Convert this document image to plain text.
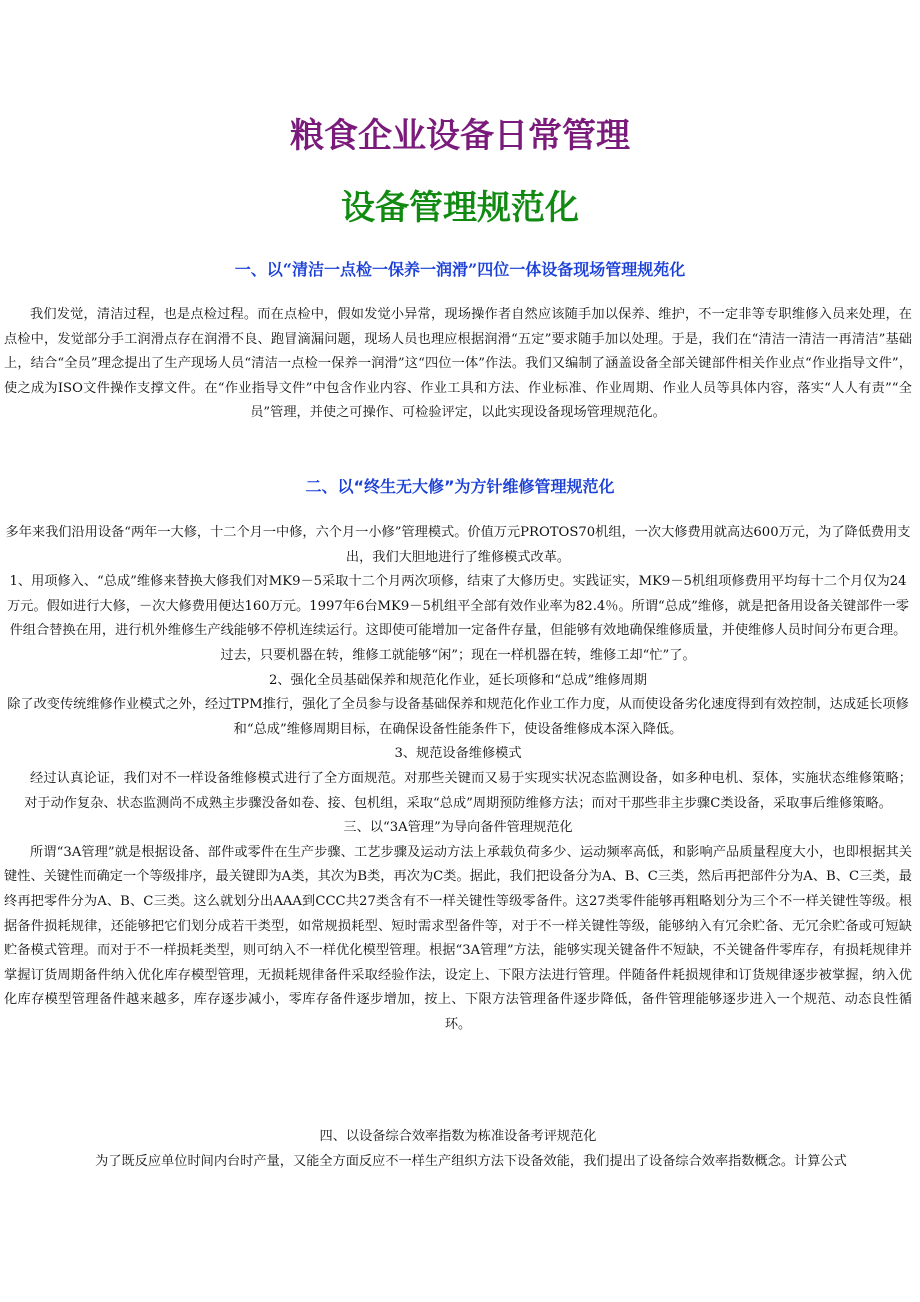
粮食企业设备日常管理
设备管理规范化
一、以“清洁一点检一保养一润滑”四位一体设备现场管理规苑化

我们发觉，清洁过程，也是点检过程。而在点检中，假如发觉小异常，现场操作者自然应该随手加以保养、维护，不一定非等专职维修入员来处理，在点检中，发觉部分手工润滑点存在润滑不良、跑冒滴漏问题，现场人员也理应根据润滑“五定”要求随手加以处理。于是，我们在“清洁一清洁一再清洁”基础上，结合“全员”理念提出了生产现场人员“清洁一点检一保养一润滑”这“四位一体”作法。我们又编制了涵盖设备全部关键部件相关作业点“作业指导文件”，使之成为ISO文件操作支撑文件。在“作业指导文件”中包含作业内容、作业工具和方法、作业标准、作业周期、作业人员等具体内容，落实“人人有责”“全员”管理，并使之可操作、可检验评定，以此实现设备现场管理规范化。

二、以“终生无大修”为方针维修管理规范化

多年来我们沿用设备“两年一大修，十二个月一中修，六个月一小修”管理模式。价值万元PROTOS70机组，一次大修费用就高达600万元，为了降低费用支出，我们大胆地进行了维修模式改革。

1、用项修入、“总成”维修来替换大修我们对MK9－5采取十二个月两次项修，结束了大修历史。实践证实，MK9－5机组项修费用平均每十二个月仅为24万元。假如进行大修，－次大修费用便达160万元。1997年6台MK9－5机组平全部有效作业率为82.4％。所谓“总成”维修，就是把备用设备关键部件一零件组合替换在用，进行机外维修生产线能够不停机连续运行。这即使可能增加一定备件存量，但能够有效地确保维修质量，并使维修人员时间分布更合理。过去，只要机器在转，维修工就能够“闲”；现在一样机器在转，维修工却“忙”了。

2、强化全员基础保养和规范化作业，延长项修和“总成”维修周期

除了改变传统维修作业模式之外，经过TPM推行，强化了全员参与设备基础保养和规范化作业工作力度，从而使设备劣化速度得到有效控制，达成延长项修和“总成”维修周期目标，在确保设备性能条件下，使设备维修成本深入降低。

3、规范设备维修模式

经过认真论证，我们对不一样设备维修模式进行了全方面规范。对那些关键而又易于实现实状况态监测设备，如多种电机、泵体，实施状态维修策略；对于动作复杂、状态监测尚不成熟主步骤没备如卷、接、包机组，采取“总成”周期预防维修方法；而对干那些非主步骤C类设备，采取事后维修策略。

三、以“3A管理”为导向备件管理规范化

所谓“3A管理”就是根据设备、部件或零件在生产步骤、工艺步骤及运动方法上承载负荷多少、运动频率高低，和影响产品质量程度大小，也即根据其关键性、关键性而确定一个等级排序，最关键即为A类，其次为B类，再次为C类。据此，我们把设备分为A、B、C三类，然后再把部件分为A、B、C三类，最终再把零件分为A、B、C三类。这么就划分出AAA到CCC共27类含有不一样关键性等级零备件。这27类零件能够再粗略划分为三个不一样关键性等级。根据备件损耗规律，还能够把它们划分成若干类型，如常规损耗型、短时需求型备件等，对于不一样关键性等级，能够纳入有冗余贮备、无冗余贮备或可短缺贮备模式管理。而对于不一样损耗类型，则可纳入不一样优化模型管理。根据“3A管理”方法，能够实现关键备件不短缺，不关键备件零库存，有损耗规律并掌握订货周期备件纳入优化库存模型管理，无损耗规律备件采取经验作法，设定上、下限方法进行管理。伴随备件耗损规律和订货规律逐步被掌握，纳入优化库存模型管理备件越来越多，库存逐步减小，零库存备件逐步增加，按上、下限方法管理备件逐步降低，备件管理能够逐步进入一个规范、动态良性循环。

四、以设备综合效率指数为栋准设备考评规范化

为了既反应单位时间内台时产量，又能全方面反应不一样生产组织方法下设备效能，我们提出了设备综合效率指数概念。计算公式
